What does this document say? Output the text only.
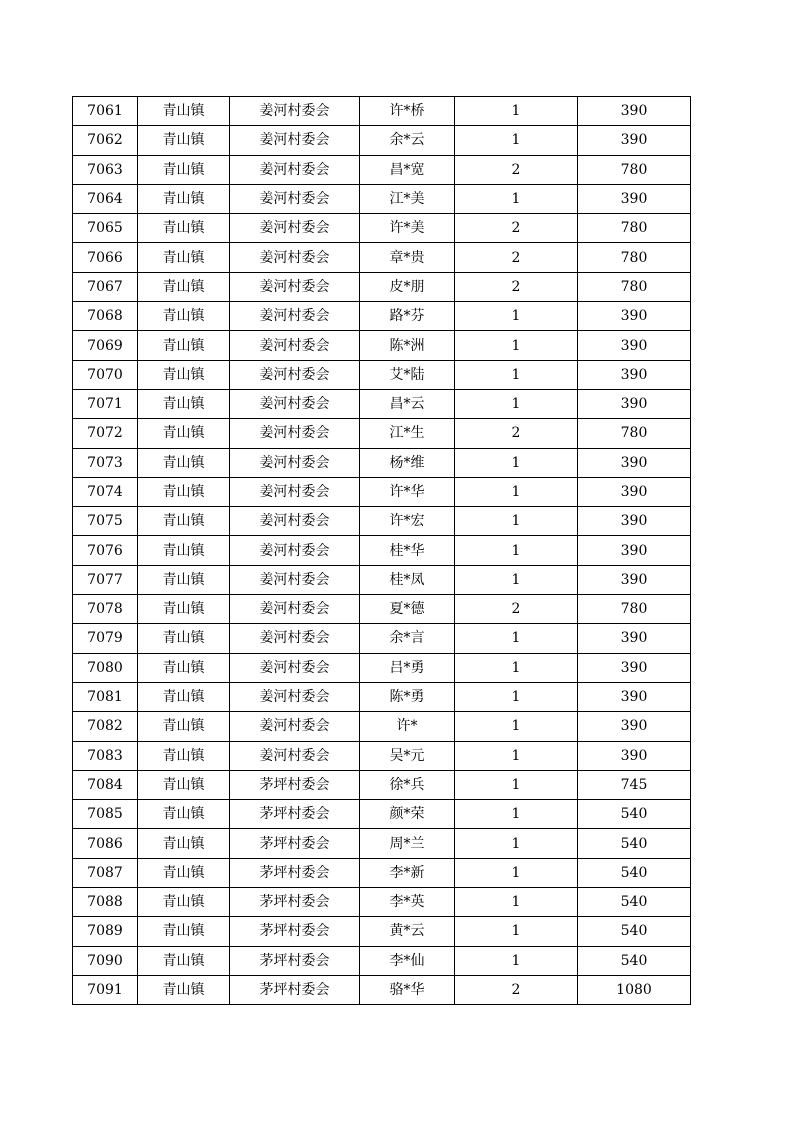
7061	青山镇	姜河村委会	许*桥	1	390
7062	青山镇	姜河村委会	余*云	1	390
7063	青山镇	姜河村委会	昌*宽	2	780
7064	青山镇	姜河村委会	江*美	1	390
7065	青山镇	姜河村委会	许*美	2	780
7066	青山镇	姜河村委会	章*贵	2	780
7067	青山镇	姜河村委会	皮*朋	2	780
7068	青山镇	姜河村委会	路*芬	1	390
7069	青山镇	姜河村委会	陈*洲	1	390
7070	青山镇	姜河村委会	艾*陆	1	390
7071	青山镇	姜河村委会	昌*云	1	390
7072	青山镇	姜河村委会	江*生	2	780
7073	青山镇	姜河村委会	杨*维	1	390
7074	青山镇	姜河村委会	许*华	1	390
7075	青山镇	姜河村委会	许*宏	1	390
7076	青山镇	姜河村委会	桂*华	1	390
7077	青山镇	姜河村委会	桂*凤	1	390
7078	青山镇	姜河村委会	夏*德	2	780
7079	青山镇	姜河村委会	余*言	1	390
7080	青山镇	姜河村委会	吕*勇	1	390
7081	青山镇	姜河村委会	陈*勇	1	390
7082	青山镇	姜河村委会	许*	1	390
7083	青山镇	姜河村委会	吴*元	1	390
7084	青山镇	茅坪村委会	徐*兵	1	745
7085	青山镇	茅坪村委会	颜*荣	1	540
7086	青山镇	茅坪村委会	周*兰	1	540
7087	青山镇	茅坪村委会	李*新	1	540
7088	青山镇	茅坪村委会	李*英	1	540
7089	青山镇	茅坪村委会	黄*云	1	540
7090	青山镇	茅坪村委会	李*仙	1	540
7091	青山镇	茅坪村委会	骆*华	2	1080
